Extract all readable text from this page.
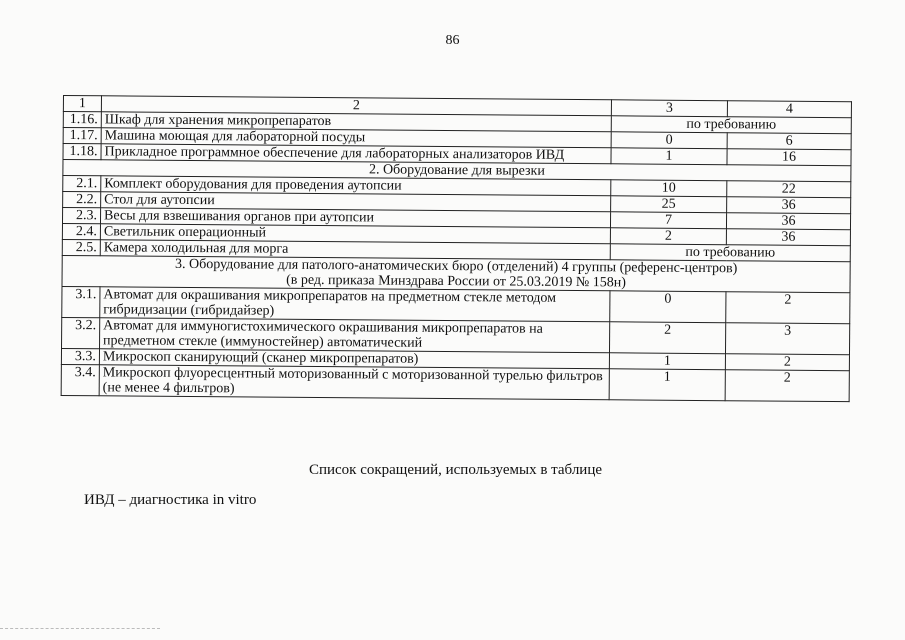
86
1	2	3	4
1.16.	Шкаф для хранения микропрепаратов	по требованию	
1.17.	Машина моющая для лабораторной посуды	0	6
1.18.	Прикладное программное обеспечение для лабораторных анализаторов ИВД	1	16
2. Оборудование для вырезки			
2.1.	Комплект оборудования для проведения аутопсии	10	22
2.2.	Стол для аутопсии	25	36
2.3.	Весы для взвешивания органов при аутопсии	7	36
2.4.	Светильник операционный	2	36
2.5.	Камера холодильная для морга	по требованию	
3. Оборудование для патолого-анатомических бюро (отделений) 4 группы (референс-центров)
(в ред. приказа Минздрава России от 25.03.2019 № 158н)			
3.1.	Автомат для окрашивания микропрепаратов на предметном стекле методом гибридизации (гибридайзер)	0	2
3.2.	Автомат для иммуногистохимического окрашивания микропрепаратов на предметном стекле (иммуностейнер) автоматический	2	3
3.3.	Микроскоп сканирующий (сканер микропрепаратов)	1	2
3.4.	Микроскоп флуоресцентный моторизованный с моторизованной турелью фильтров (не менее 4 фильтров)	1	2
Список сокращений, используемых в таблице
ИВД – диагностика in vitro
